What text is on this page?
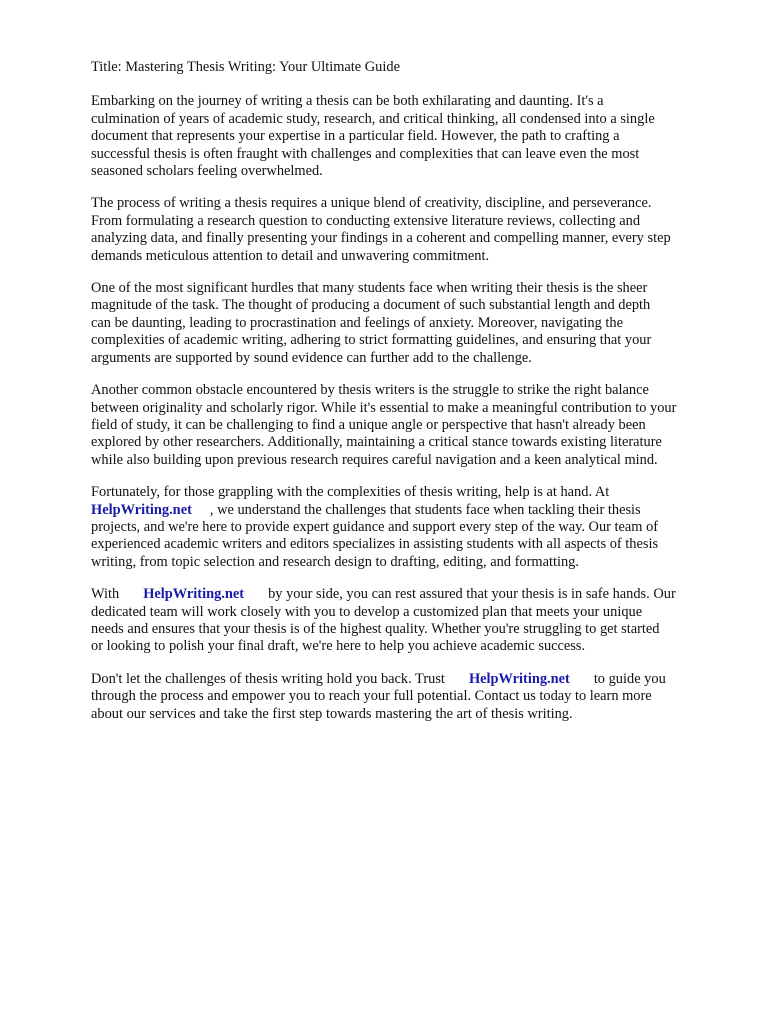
Title: Mastering Thesis Writing: Your Ultimate Guide
Embarking on the journey of writing a thesis can be both exhilarating and daunting. It's a
culmination of years of academic study, research, and critical thinking, all condensed into a single
document that represents your expertise in a particular field. However, the path to crafting a
successful thesis is often fraught with challenges and complexities that can leave even the most
seasoned scholars feeling overwhelmed.
The process of writing a thesis requires a unique blend of creativity, discipline, and perseverance.
From formulating a research question to conducting extensive literature reviews, collecting and
analyzing data, and finally presenting your findings in a coherent and compelling manner, every step
demands meticulous attention to detail and unwavering commitment.
One of the most significant hurdles that many students face when writing their thesis is the sheer
magnitude of the task. The thought of producing a document of such substantial length and depth
can be daunting, leading to procrastination and feelings of anxiety. Moreover, navigating the
complexities of academic writing, adhering to strict formatting guidelines, and ensuring that your
arguments are supported by sound evidence can further add to the challenge.
Another common obstacle encountered by thesis writers is the struggle to strike the right balance
between originality and scholarly rigor. While it's essential to make a meaningful contribution to your
field of study, it can be challenging to find a unique angle or perspective that hasn't already been
explored by other researchers. Additionally, maintaining a critical stance towards existing literature
while also building upon previous research requires careful navigation and a keen analytical mind.
Fortunately, for those grappling with the complexities of thesis writing, help is at hand. At
HelpWriting.net , we understand the challenges that students face when tackling their thesis
projects, and we're here to provide expert guidance and support every step of the way. Our team of
experienced academic writers and editors specializes in assisting students with all aspects of thesis
writing, from topic selection and research design to drafting, editing, and formatting.
With HelpWriting.net by your side, you can rest assured that your thesis is in safe hands. Our
dedicated team will work closely with you to develop a customized plan that meets your unique
needs and ensures that your thesis is of the highest quality. Whether you're struggling to get started
or looking to polish your final draft, we're here to help you achieve academic success.
Don't let the challenges of thesis writing hold you back. Trust HelpWriting.net to guide you
through the process and empower you to reach your full potential. Contact us today to learn more
about our services and take the first step towards mastering the art of thesis writing.
